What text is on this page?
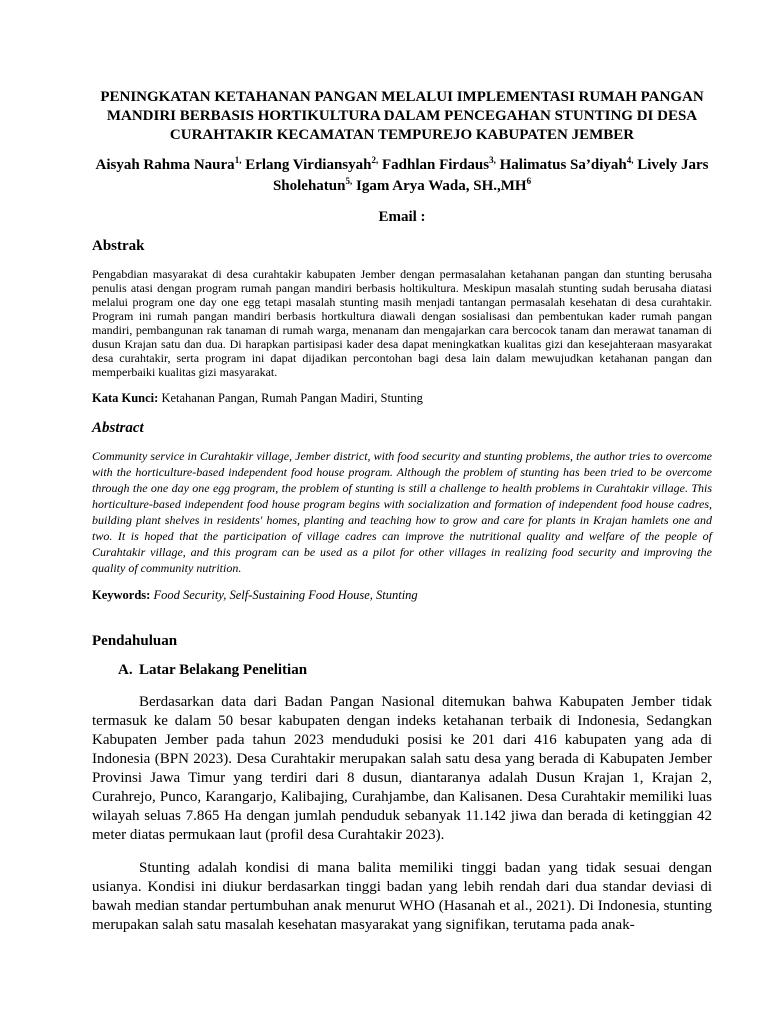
PENINGKATAN KETAHANAN PANGAN MELALUI IMPLEMENTASI RUMAH PANGAN MANDIRI BERBASIS HORTIKULTURA DALAM PENCEGAHAN STUNTING DI DESA CURAHTAKIR KECAMATAN TEMPUREJO KABUPATEN JEMBER
Aisyah Rahma Naura$^{1,}$ Erlang Virdiansyah$^{2,}$ Fadhlan Firdaus$^{3,}$ Halimatus Sa’diyah$^{4,}$ Lively Jars Sholehatun$^{5,}$ Igam Arya Wada, $SH.,MH^6$
Email :
Abstrak
Pengabdian masyarakat di desa curahtakir kabupaten Jember dengan permasalahan ketahanan pangan dan stunting berusaha penulis atasi dengan program rumah pangan mandiri berbasis holtikultura. Meskipun masalah stunting sudah berusaha diatasi melalui program one day one egg tetapi masalah stunting masih menjadi tantangan permasalah kesehatan di desa curahtakir. Program ini rumah pangan mandiri berbasis hortkultura diawali dengan sosialisasi dan pembentukan kader rumah pangan mandiri, pembangunan rak tanaman di rumah warga, menanam dan mengajarkan cara bercocok tanam dan merawat tanaman di dusun Krajan satu dan dua. Di harapkan partisipasi kader desa dapat meningkatkan kualitas gizi dan kesejahteraan masyarakat desa curahtakir, serta program ini dapat dijadikan percontohan bagi desa lain dalam mewujudkan ketahanan pangan dan memperbaiki kualitas gizi masyarakat.
Kata Kunci: Ketahanan Pangan, Rumah Pangan Madiri, Stunting
Abstract
Community service in Curahtakir village, Jember district, with food security and stunting problems, the author tries to overcome with the horticulture-based independent food house program. Although the problem of stunting has been tried to be overcome through the one day one egg program, the problem of stunting is still a challenge to health problems in Curahtakir village. This horticulture-based independent food house program begins with socialization and formation of independent food house cadres, building plant shelves in residents' homes, planting and teaching how to grow and care for plants in Krajan hamlets one and two. It is hoped that the participation of village cadres can improve the nutritional quality and welfare of the people of Curahtakir village, and this program can be used as a pilot for other villages in realizing food security and improving the quality of community nutrition.
Keywords: Food Security, Self-Sustaining Food House, Stunting
Pendahuluan
A. Latar Belakang Penelitian
Berdasarkan data dari Badan Pangan Nasional ditemukan bahwa Kabupaten Jember tidak termasuk ke dalam 50 besar kabupaten dengan indeks ketahanan terbaik di Indonesia, Sedangkan Kabupaten Jember pada tahun 2023 menduduki posisi ke 201 dari 416 kabupaten yang ada di Indonesia (BPN 2023). Desa Curahtakir merupakan salah satu desa yang berada di Kabupaten Jember Provinsi Jawa Timur yang terdiri dari 8 dusun, diantaranya adalah Dusun Krajan 1, Krajan 2, Curahrejo, Punco, Karangarjo, Kalibajing, Curahjambe, dan Kalisanen. Desa Curahtakir memiliki luas wilayah seluas 7.865 Ha dengan jumlah penduduk sebanyak 11.142 jiwa dan berada di ketinggian 42 meter diatas permukaan laut (profil desa Curahtakir 2023).
Stunting adalah kondisi di mana balita memiliki tinggi badan yang tidak sesuai dengan usianya. Kondisi ini diukur berdasarkan tinggi badan yang lebih rendah dari dua standar deviasi di bawah median standar pertumbuhan anak menurut WHO (Hasanah et al., 2021). Di Indonesia, stunting merupakan salah satu masalah kesehatan masyarakat yang signifikan, terutama pada anak-
